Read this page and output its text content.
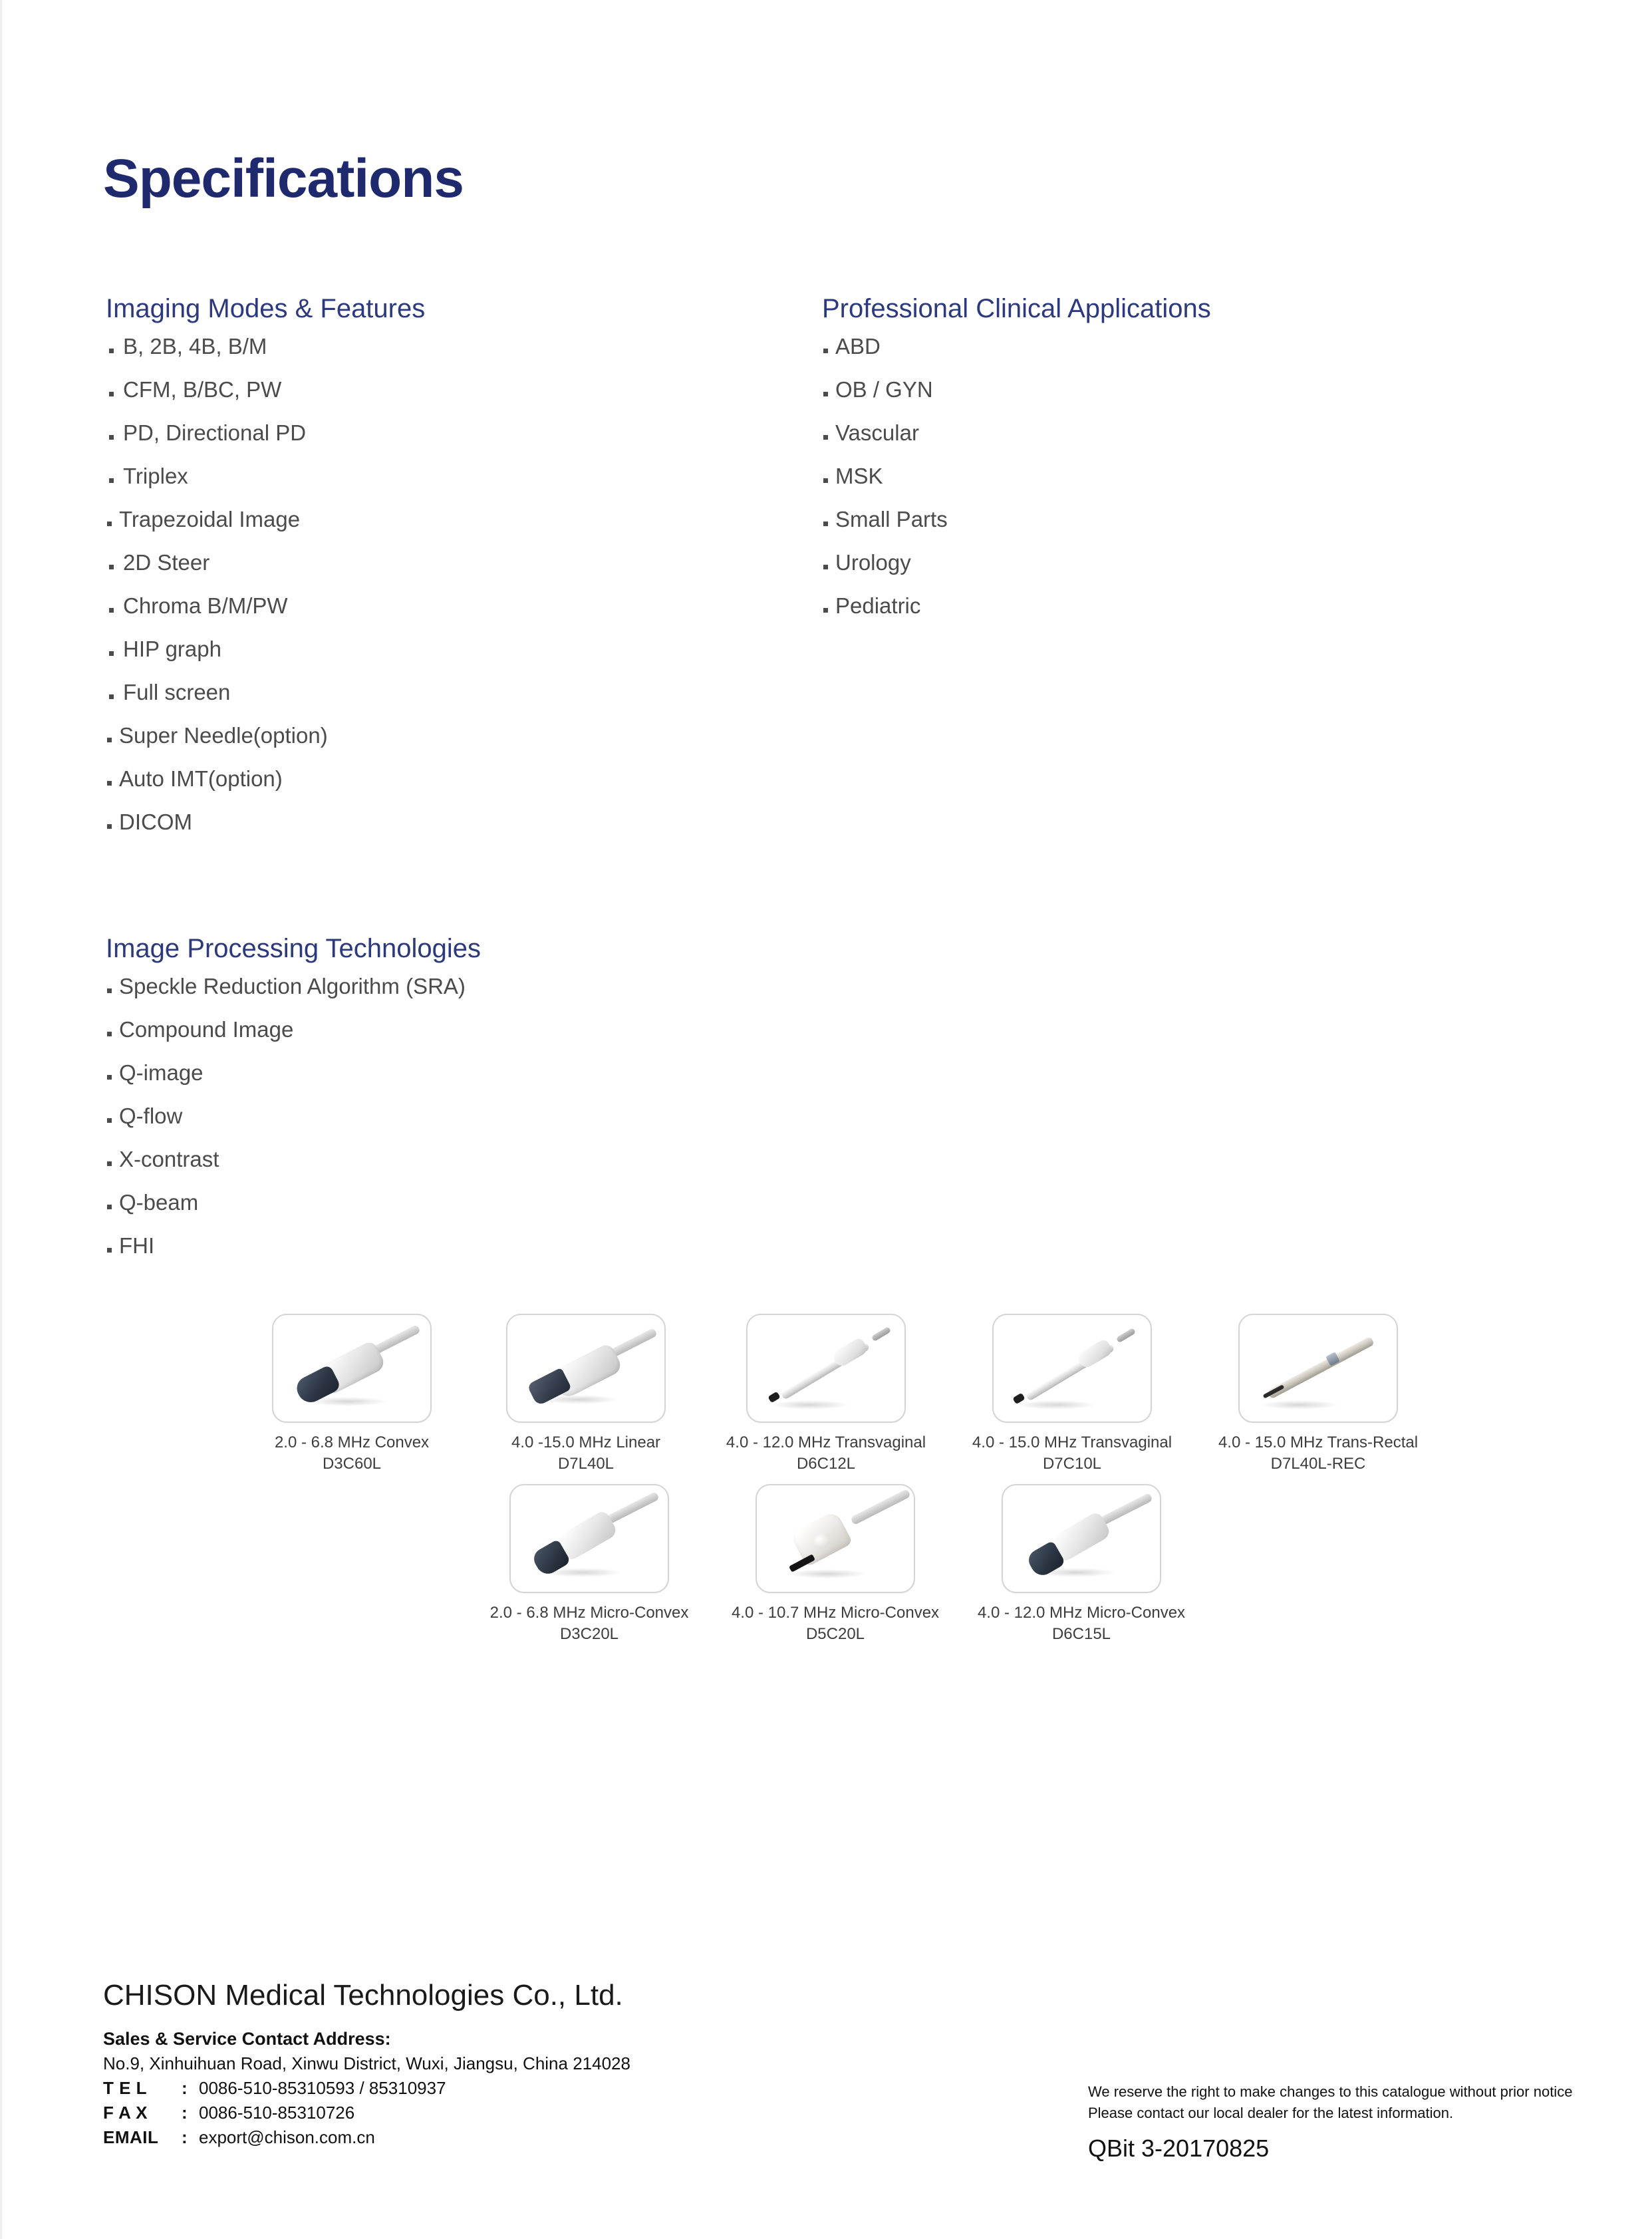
Specifications
Imaging Modes & Features
B, 2B, 4B, B/M
CFM, B/BC, PW
PD, Directional PD
Triplex
Trapezoidal Image
2D Steer
Chroma B/M/PW
HIP graph
Full screen
Super Needle(option)
Auto IMT(option)
DICOM
Professional Clinical Applications
ABD
OB / GYN
Vascular
MSK
Small Parts
Urology
Pediatric
Image Processing Technologies
Speckle Reduction Algorithm (SRA)
Compound Image
Q-image
Q-flow
X-contrast
Q-beam
FHI
2.0 - 6.8 MHz Convex
D3C60L
4.0 -15.0 MHz Linear
D7L40L
4.0 - 12.0 MHz Transvaginal
D6C12L
4.0 - 15.0 MHz Transvaginal
D7C10L
4.0 - 15.0 MHz Trans-Rectal
D7L40L-REC
2.0 - 6.8 MHz Micro-Convex
D3C20L
4.0 - 10.7 MHz Micro-Convex
D5C20L
4.0 - 12.0 MHz Micro-Convex
D6C15L
CHISON Medical Technologies Co., Ltd.
Sales & Service Contact Address:
No.9, Xinhuihuan Road, Xinwu District, Wuxi, Jiangsu, China 214028
T E L	: 0086-510-85310593 / 85310937
F A X	: 0086-510-85310726
EMAIL	: export@chison.com.cn
We reserve the right to make changes to this catalogue without prior notice
Please contact our local dealer for the latest information.
QBit 3-20170825
